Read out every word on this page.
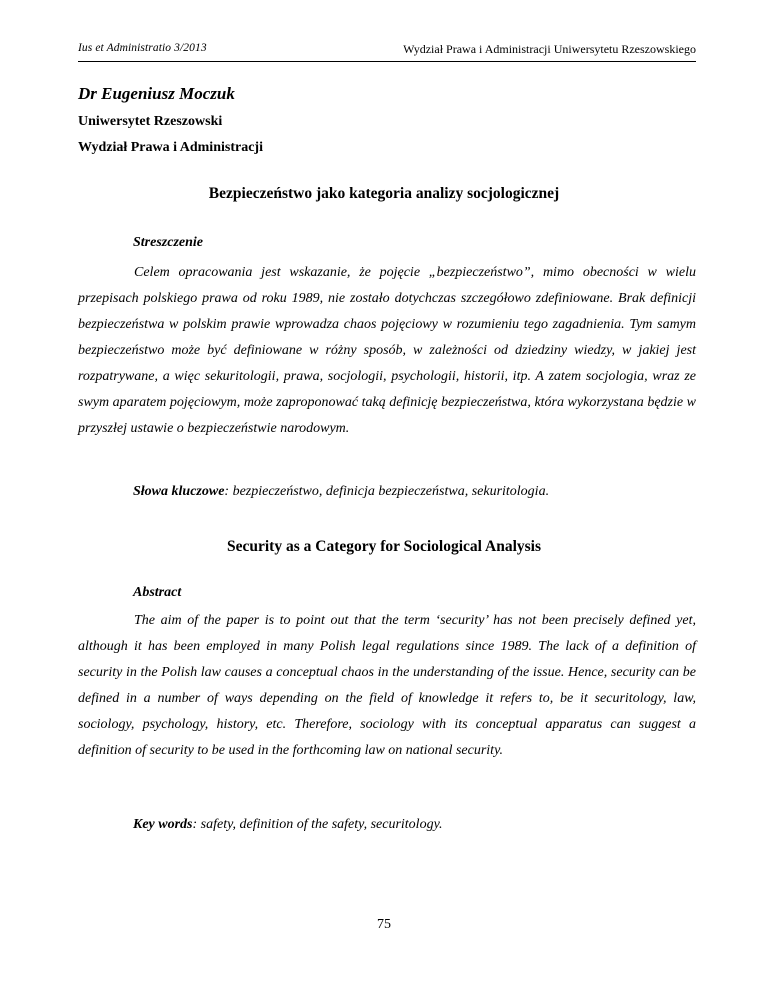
Ius et Administratio 3/2013	Wydział Prawa i Administracji Uniwersytetu Rzeszowskiego
Dr Eugeniusz Moczuk
Uniwersytet Rzeszowski
Wydział Prawa i Administracji
Bezpieczeństwo jako kategoria analizy socjologicznej
Streszczenie

Celem opracowania jest wskazanie, że pojęcie „bezpieczeństwo”, mimo obecności w wielu przepisach polskiego prawa od roku 1989, nie zostało dotychczas szczegółowo zdefiniowane. Brak definicji bezpieczeństwa w polskim prawie wprowadza chaos pojęciowy w rozumieniu tego zagadnienia. Tym samym bezpieczeństwo może być definiowane w różny sposób, w zależności od dziedziny wiedzy, w jakiej jest rozpatrywane, a więc sekuritologii, prawa, socjologii, psychologii, historii, itp. A zatem socjologia, wraz ze swym aparatem pojęciowym, może zaproponować taką definicję bezpieczeństwa, która wykorzystana będzie w przyszłej ustawie o bezpieczeństwie narodowym.

Słowa kluczowe: bezpieczeństwo, definicja bezpieczeństwa, sekuritologia.
Security as a Category for Sociological Analysis
Abstract

The aim of the paper is to point out that the term ‘security’ has not been precisely defined yet, although it has been employed in many Polish legal regulations since 1989. The lack of a definition of security in the Polish law causes a conceptual chaos in the understanding of the issue. Hence, security can be defined in a number of ways depending on the field of knowledge it refers to, be it securitology, law, sociology, psychology, history, etc. Therefore, sociology with its conceptual apparatus can suggest a definition of security to be used in the forthcoming law on national security.

Key words: safety, definition of the safety, securitology.
75
